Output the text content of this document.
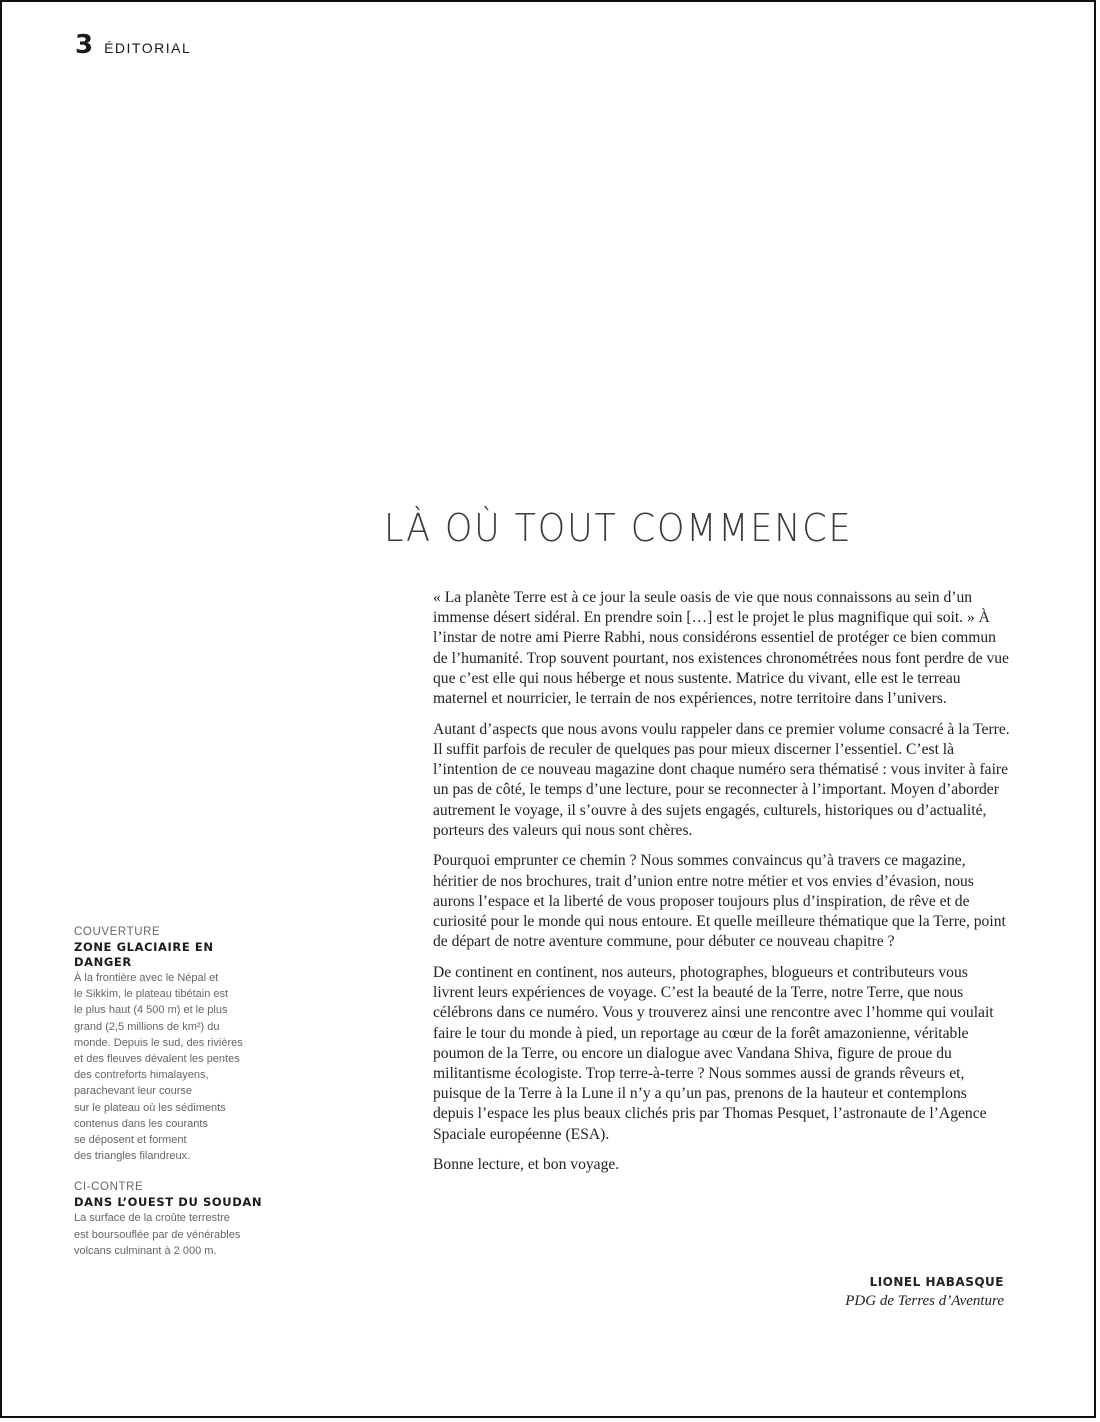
3 ÉDITORIAL
LÀ OÙ TOUT COMMENCE

« La planète Terre est à ce jour la seule oasis de vie que nous connaissons au sein d’un immense désert sidéral. En prendre soin […] est le projet le plus magnifique qui soit. » À l’instar de notre ami Pierre Rabhi, nous considérons essentiel de protéger ce bien commun de l’humanité. Trop souvent pourtant, nos existences chronométrées nous font perdre de vue que c’est elle qui nous héberge et nous sustente. Matrice du vivant, elle est le terreau maternel et nourricier, le terrain de nos expériences, notre territoire dans l’univers.

Autant d’aspects que nous avons voulu rappeler dans ce premier volume consacré à la Terre. Il suffit parfois de reculer de quelques pas pour mieux discerner l’essentiel. C’est là l’intention de ce nouveau magazine dont chaque numéro sera thématisé : vous inviter à faire un pas de côté, le temps d’une lecture, pour se reconnecter à l’important. Moyen d’aborder autrement le voyage, il s’ouvre à des sujets engagés, culturels, historiques ou d’actualité, porteurs des valeurs qui nous sont chères.

Pourquoi emprunter ce chemin ? Nous sommes convaincus qu’à travers ce magazine, héritier de nos brochures, trait d’union entre notre métier et vos envies d’évasion, nous aurons l’espace et la liberté de vous proposer toujours plus d’inspiration, de rêve et de curiosité pour le monde qui nous entoure. Et quelle meilleure thématique que la Terre, point de départ de notre aventure commune, pour débuter ce nouveau chapitre ?

De continent en continent, nos auteurs, photographes, blogueurs et contributeurs vous livrent leurs expériences de voyage. C’est la beauté de la Terre, notre Terre, que nous célébrons dans ce numéro. Vous y trouverez ainsi une rencontre avec l’homme qui voulait faire le tour du monde à pied, un reportage au cœur de la forêt amazonienne, véritable poumon de la Terre, ou encore un dialogue avec Vandana Shiva, figure de proue du militantisme écologiste. Trop terre-à-terre ? Nous sommes aussi de grands rêveurs et, puisque de la Terre à la Lune il n’y a qu’un pas, prenons de la hauteur et contemplons depuis l’espace les plus beaux clichés pris par Thomas Pesquet, l’astronaute de l’Agence Spaciale européenne (ESA).

Bonne lecture, et bon voyage.

COUVERTURE
ZONE GLACIAIRE EN DANGER
À la frontière avec le Népal et
le Sikkim, le plateau tibétain est
le plus haut (4 500 m) et le plus
grand (2,5 millions de km²) du
monde. Depuis le sud, des rivières
et des fleuves dévalent les pentes
des contreforts himalayens,
parachevant leur course
sur le plateau où les sédiments
contenus dans les courants
se déposent et forment
des triangles filandreux.
CI-CONTRE
DANS L’OUEST DU SOUDAN
La surface de la croûte terrestre
est boursouflée par de vénérables
volcans culminant à 2 000 m.
LIONEL HABASQUE
PDG de Terres d’Aventure
